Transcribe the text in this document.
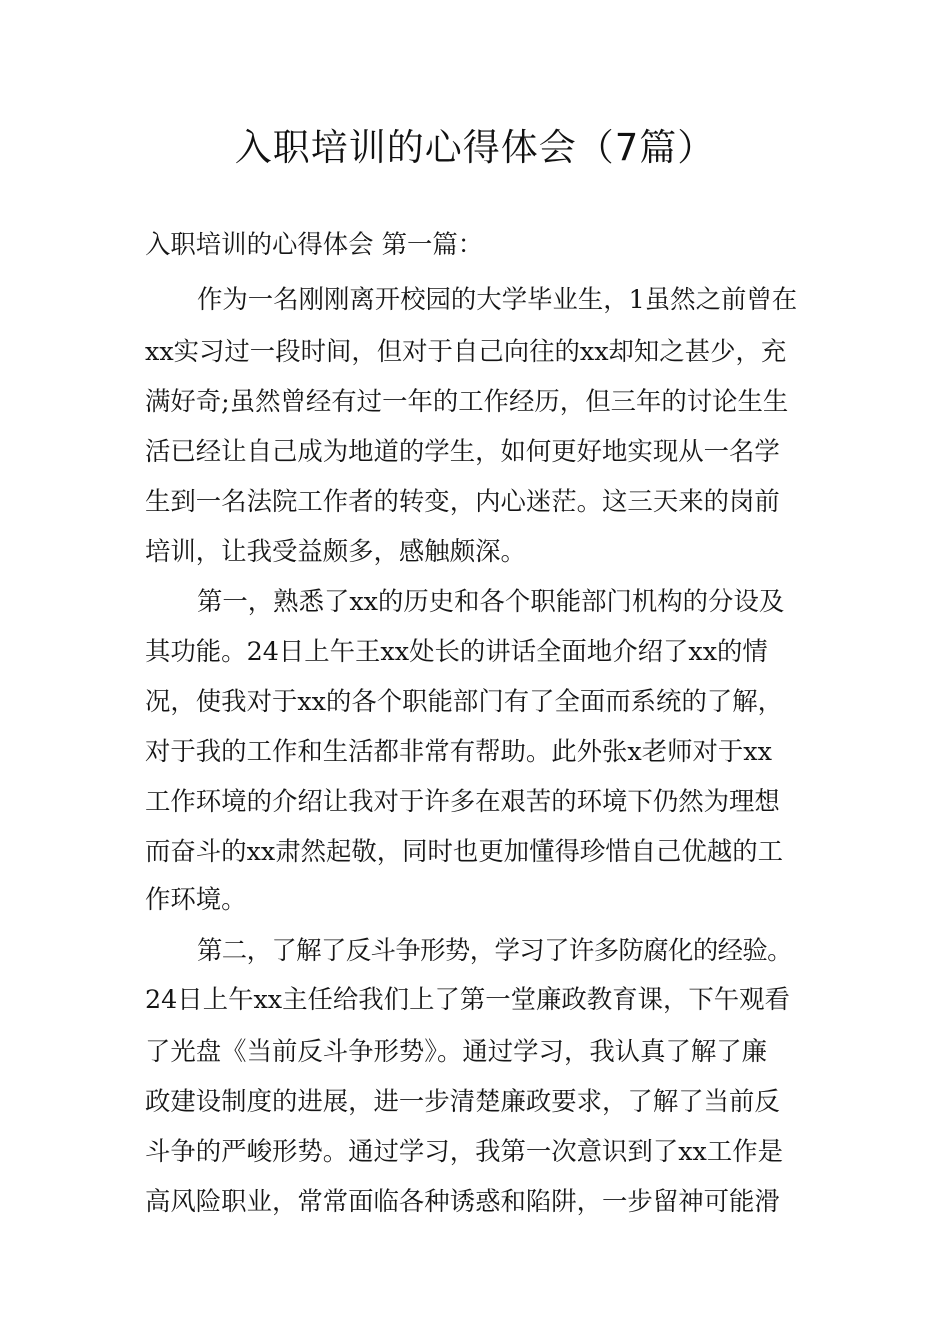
入职培训的心得体会（7篇）
入职培训的心得体会 第一篇：
作为一名刚刚离开校园的大学毕业生，1虽然之前曾在
xx实习过一段时间，但对于自己向往的xx却知之甚少，充
满好奇;虽然曾经有过一年的工作经历，但三年的讨论生生
活已经让自己成为地道的学生，如何更好地实现从一名学
生到一名法院工作者的转变，内心迷茫。这三天来的岗前
培训，让我受益颇多，感触颇深。
第一，熟悉了xx的历史和各个职能部门机构的分设及
其功能。24日上午王xx处长的讲话全面地介绍了xx的情
况，使我对于xx的各个职能部门有了全面而系统的了解，
对于我的工作和生活都非常有帮助。此外张x老师对于xx
工作环境的介绍让我对于许多在艰苦的环境下仍然为理想
而奋斗的xx肃然起敬，同时也更加懂得珍惜自己优越的工
作环境。
第二，了解了反斗争形势，学习了许多防腐化的经验。
24日上午xx主任给我们上了第一堂廉政教育课，下午观看
了光盘《当前反斗争形势》。通过学习，我认真了解了廉
政建设制度的进展，进一步清楚廉政要求，了解了当前反
斗争的严峻形势。通过学习，我第一次意识到了xx工作是
高风险职业，常常面临各种诱惑和陷阱，一步留神可能滑
